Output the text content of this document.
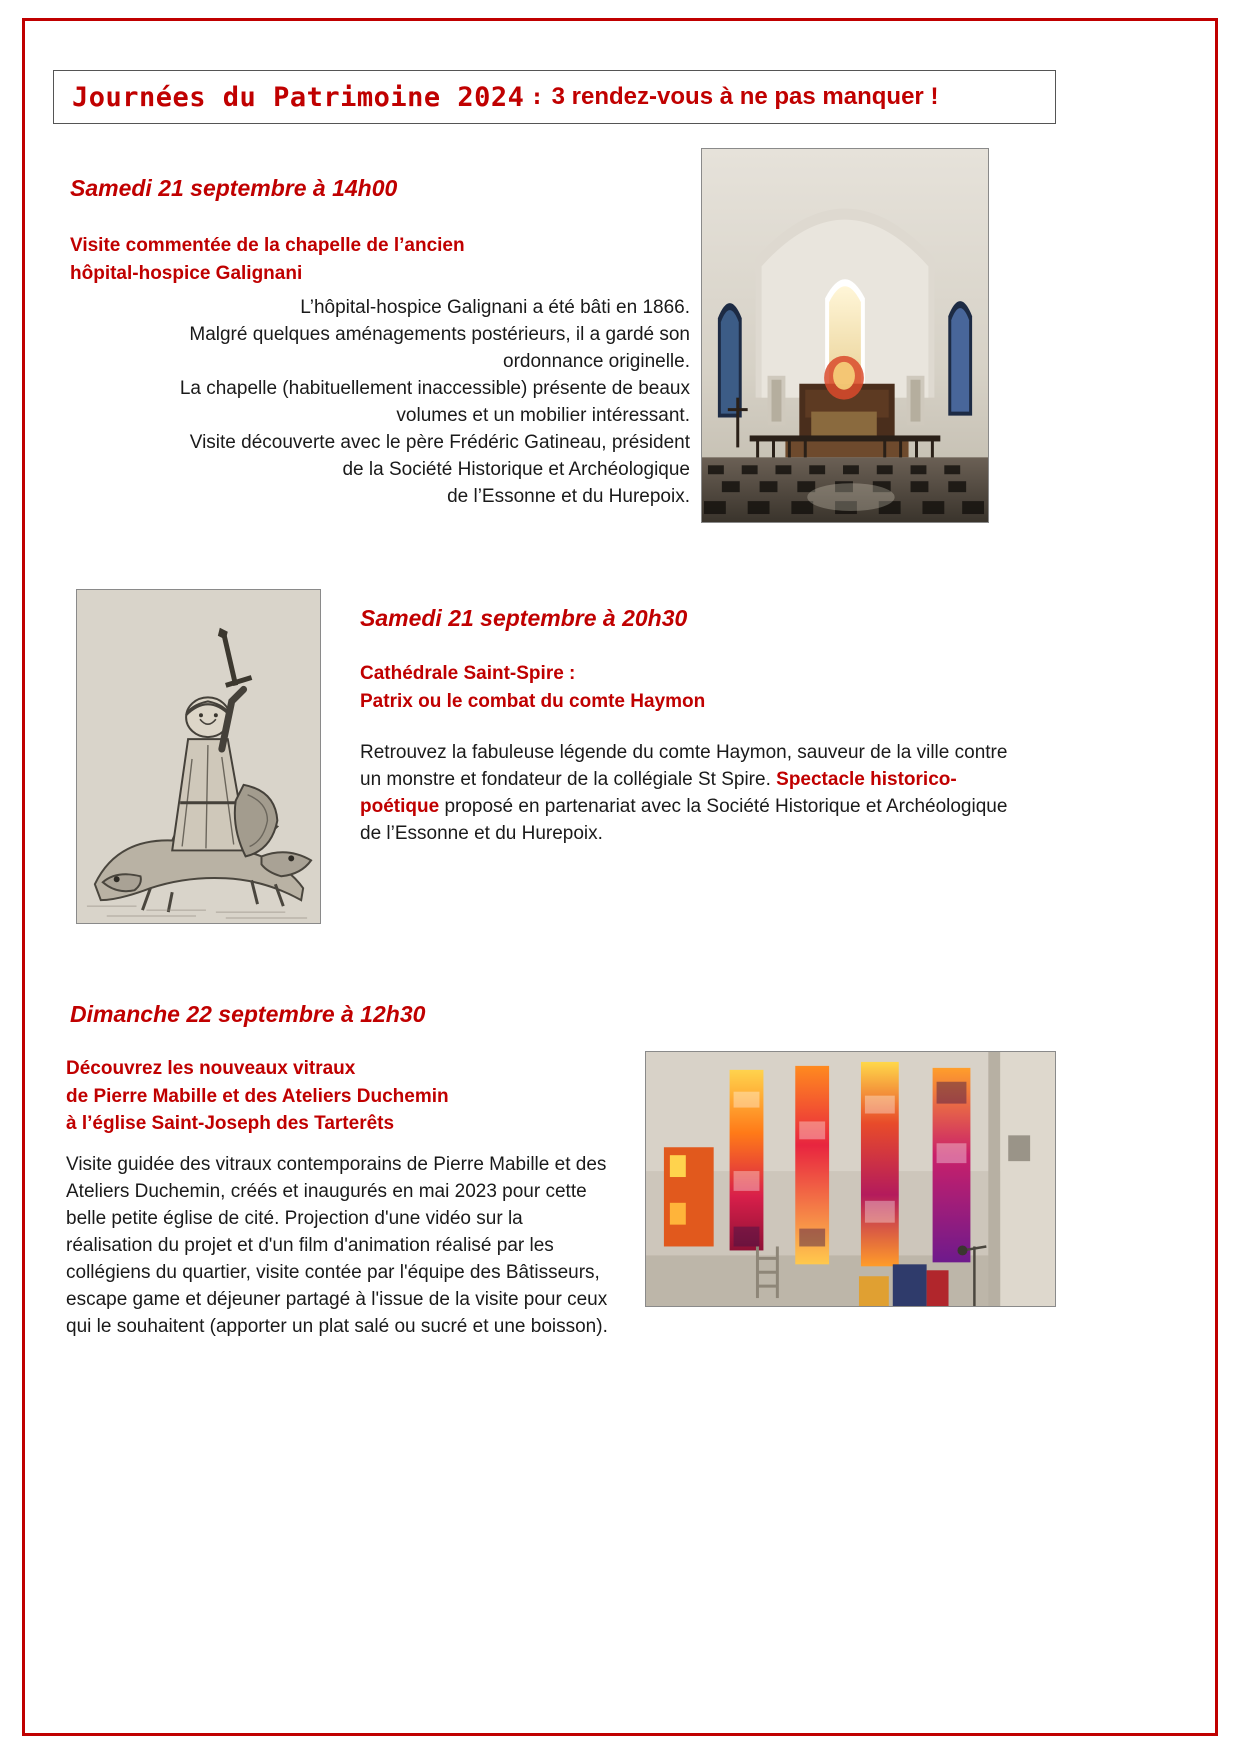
Journées du Patrimoine 2024 : 3 rendez-vous à ne pas manquer !
Samedi 21 septembre à 14h00
Visite commentée de la chapelle de l’ancien
hôpital-hospice Galignani
L’hôpital-hospice Galignani a été bâti en 1866.
Malgré quelques aménagements postérieurs, il a gardé son
ordonnance originelle.
La chapelle (habituellement inaccessible) présente de beaux
volumes et un mobilier intéressant.
Visite découverte avec le père Frédéric Gatineau, président
de la Société Historique et Archéologique
de l’Essonne et du Hurepoix.
Samedi 21 septembre à 20h30
Cathédrale Saint-Spire :
Patrix ou le combat du comte Haymon
Retrouvez la fabuleuse légende du comte Haymon, sauveur de la ville contre un monstre et fondateur de la collégiale St Spire. Spectacle historico-poétique proposé en partenariat avec la Société Historique et Archéologique de l’Essonne et du Hurepoix.
Dimanche 22 septembre à 12h30
Découvrez les nouveaux vitraux
de Pierre Mabille et des Ateliers Duchemin
à l’église Saint-Joseph des Tarterêts
Visite guidée des vitraux contemporains de Pierre Mabille et des Ateliers Duchemin, créés et inaugurés en mai 2023 pour cette belle petite église de cité. Projection d'une vidéo sur la réalisation du projet et d'un film d'animation réalisé par les collégiens du quartier, visite contée par l'équipe des Bâtisseurs, escape game et déjeuner partagé à l'issue de la visite pour ceux qui le souhaitent (apporter un plat salé ou sucré et une boisson).
